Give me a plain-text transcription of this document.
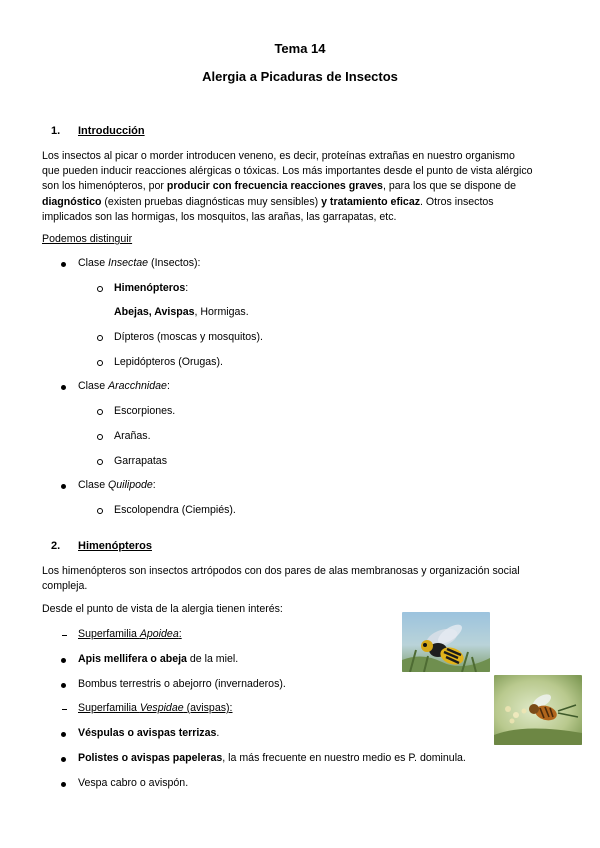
Tema 14
Alergia a Picaduras de Insectos
1. Introducción
Los insectos al picar o morder introducen veneno, es decir, proteínas extrañas en nuestro organismo
que pueden inducir reacciones alérgicas o tóxicas. Los más importantes desde el punto de vista alérgico
son los himenópteros, por producir con frecuencia reacciones graves, para los que se dispone de
diagnóstico (existen pruebas diagnósticas muy sensibles) y tratamiento eficaz. Otros insectos
implicados son las hormigas, los mosquitos, las arañas, las garrapatas, etc.
Podemos distinguir
Clase Insectae (Insectos):
Himenópteros:
Abejas, Avispas, Hormigas.
Dípteros (moscas y mosquitos).
Lepidópteros (Orugas).
Clase Aracchnidae:
Escorpiones.
Arañas.
Garrapatas
Clase Quilipode:
Escolopendra (Ciempiés).
2. Himenópteros
Los himenópteros son insectos artrópodos con dos pares de alas membranosas y organización social
compleja.
Desde el punto de vista de la alergia tienen interés:
Superfamilia Apoidea:
Apis mellifera o abeja de la miel.
Bombus terrestris o abejorro (invernaderos).
Superfamilia Vespidae (avispas):
Véspulas o avispas terrizas.
Polistes o avispas papeleras, la más frecuente en nuestro medio es P. dominula.
Vespa cabro o avispón.
